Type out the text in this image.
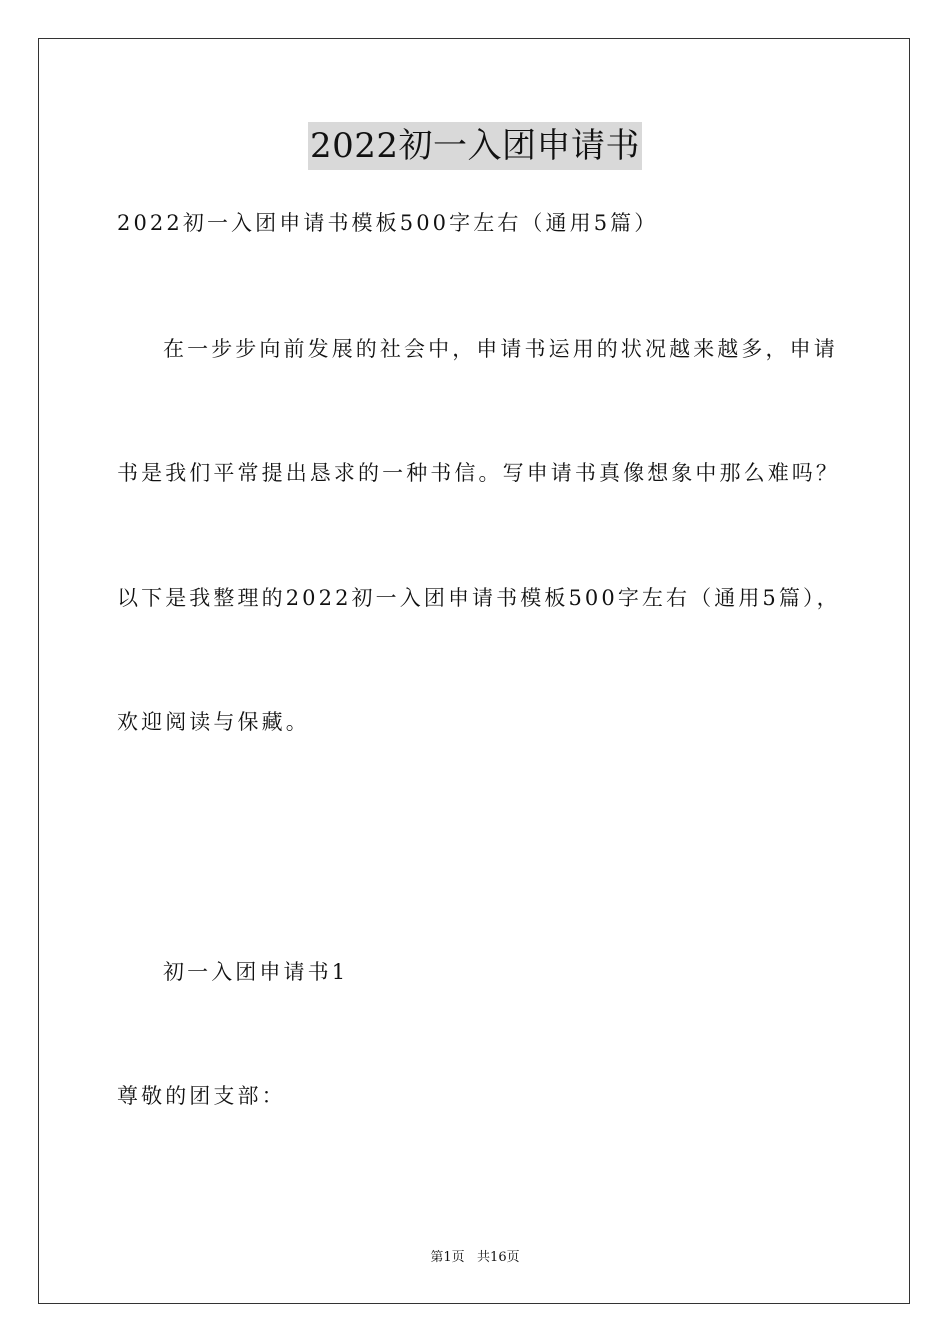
2022初一入团申请书
2022初一入团申请书模板500字左右（通用5篇）
在一步步向前发展的社会中，申请书运用的状况越来越多，申请
书是我们平常提出恳求的一种书信。写申请书真像想象中那么难吗？
以下是我整理的2022初一入团申请书模板500字左右（通用5篇），
欢迎阅读与保藏。
初一入团申请书1
尊敬的团支部：
第1页   共16页
